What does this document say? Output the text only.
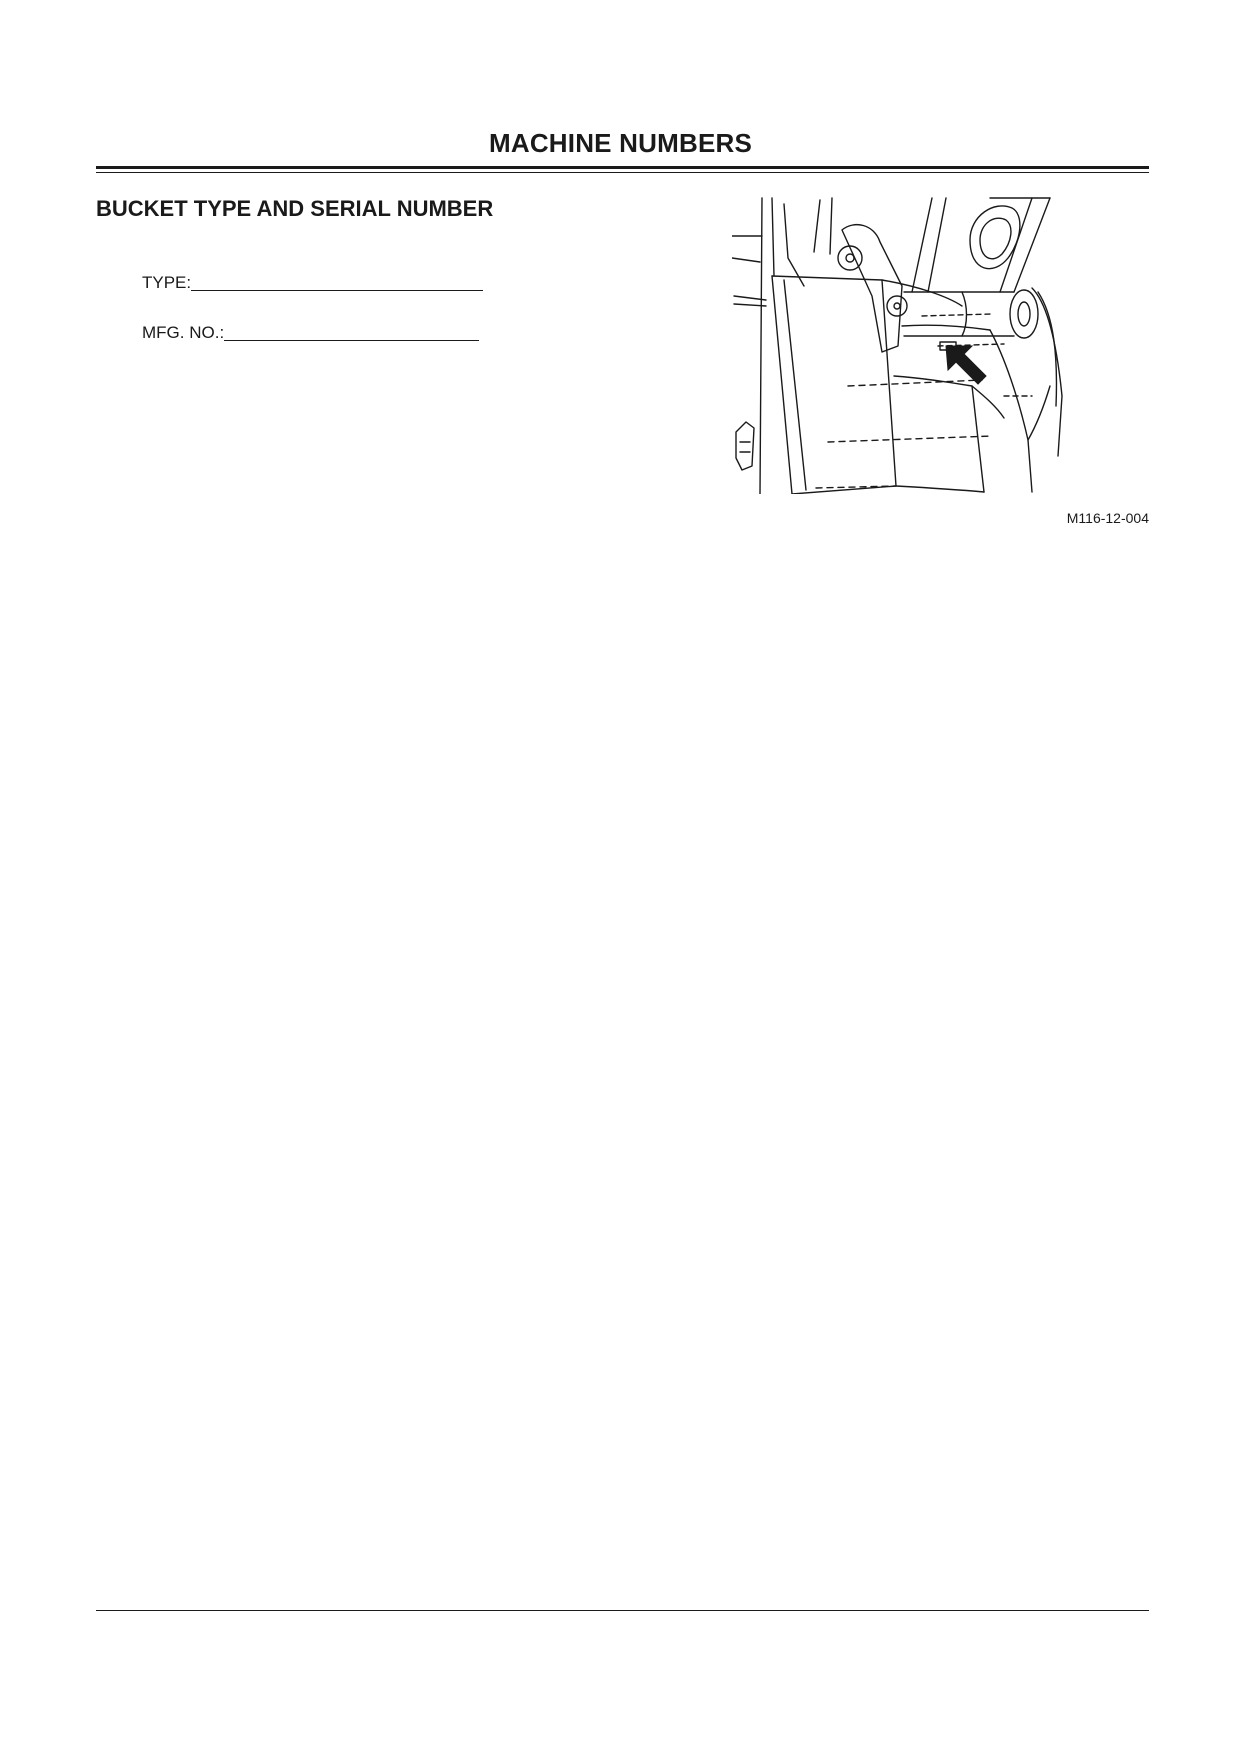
MACHINE NUMBERS
BUCKET TYPE AND SERIAL NUMBER
TYPE:
MFG. NO.:
M116-12-004
